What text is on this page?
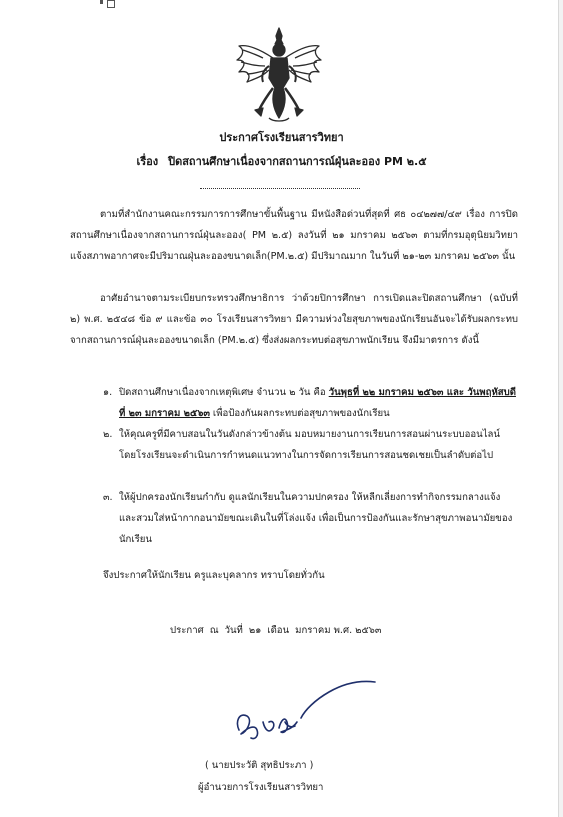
ประกาศโรงเรียนสารวิทยา
เรื่อง ปิดสถานศึกษาเนื่องจากสถานการณ์ฝุ่นละออง PM ๒.๕
ตามที่สำนักงานคณะกรรมการการศึกษาขั้นพื้นฐาน มีหนังสือด่วนที่สุดที่ ศธ ๐๔๒๗๗/๔๙ เรื่อง การปิดสถานศึกษาเนื่องจากสถานการณ์ฝุ่นละออง( PM ๒.๕) ลงวันที่ ๒๑ มกราคม ๒๕๖๓ ตามที่กรมอุตุนิยมวิทยา แจ้งสภาพอากาศจะมีปริมาณฝุ่นละอองขนาดเล็ก(PM.๒.๕) มีปริมาณมาก ในวันที่ ๒๑-๒๓ มกราคม ๒๕๖๓ นั้น
อาศัยอำนาจตามระเบียบกระทรวงศึกษาธิการ ว่าด้วยปิการศึกษา การเปิดและปิดสถานศึกษา (ฉบับที่ ๒) พ.ศ. ๒๕๔๘ ข้อ ๙ และข้อ ๓๐ โรงเรียนสารวิทยา มีความห่วงใยสุขภาพของนักเรียนอันจะได้รับผลกระทบจากสถานการณ์ฝุ่นละอองขนาดเล็ก (PM.๒.๕) ซึ่งส่งผลกระทบต่อสุขภาพนักเรียน จึงมีมาตรการ ดังนี้
๑. ปิดสถานศึกษาเนื่องจากเหตุพิเศษ จำนวน ๒ วัน คือ วันพุธที่ ๒๒ มกราคม ๒๕๖๓ และ วันพฤหัสบดีที่ ๒๓ มกราคม ๒๕๖๓ เพื่อป้องกันผลกระทบต่อสุขภาพของนักเรียน
๒. ให้คุณครูที่มีคาบสอนในวันดังกล่าวข้างต้น มอบหมายงานการเรียนการสอนผ่านระบบออนไลน์ โดยโรงเรียนจะดำเนินการกำหนดแนวทางในการจัดการเรียนการสอนชดเชยเป็นลำดับต่อไป
๓. ให้ผู้ปกครองนักเรียนกำกับ ดูแลนักเรียนในความปกครอง ให้หลีกเลี่ยงการทำกิจกรรมกลางแจ้ง และสวมใส่หน้ากากอนามัยขณะเดินในที่โล่งแจ้ง เพื่อเป็นการป้องกันและรักษาสุขภาพอนามัยของนักเรียน
จึงประกาศให้นักเรียน ครูและบุคลากร ทราบโดยทั่วกัน
ประกาศ ณ วันที่ ๒๑ เดือน มกราคม พ.ศ. ๒๕๖๓
( นายประวัติ สุทธิประภา )
ผู้อำนวยการโรงเรียนสารวิทยา
